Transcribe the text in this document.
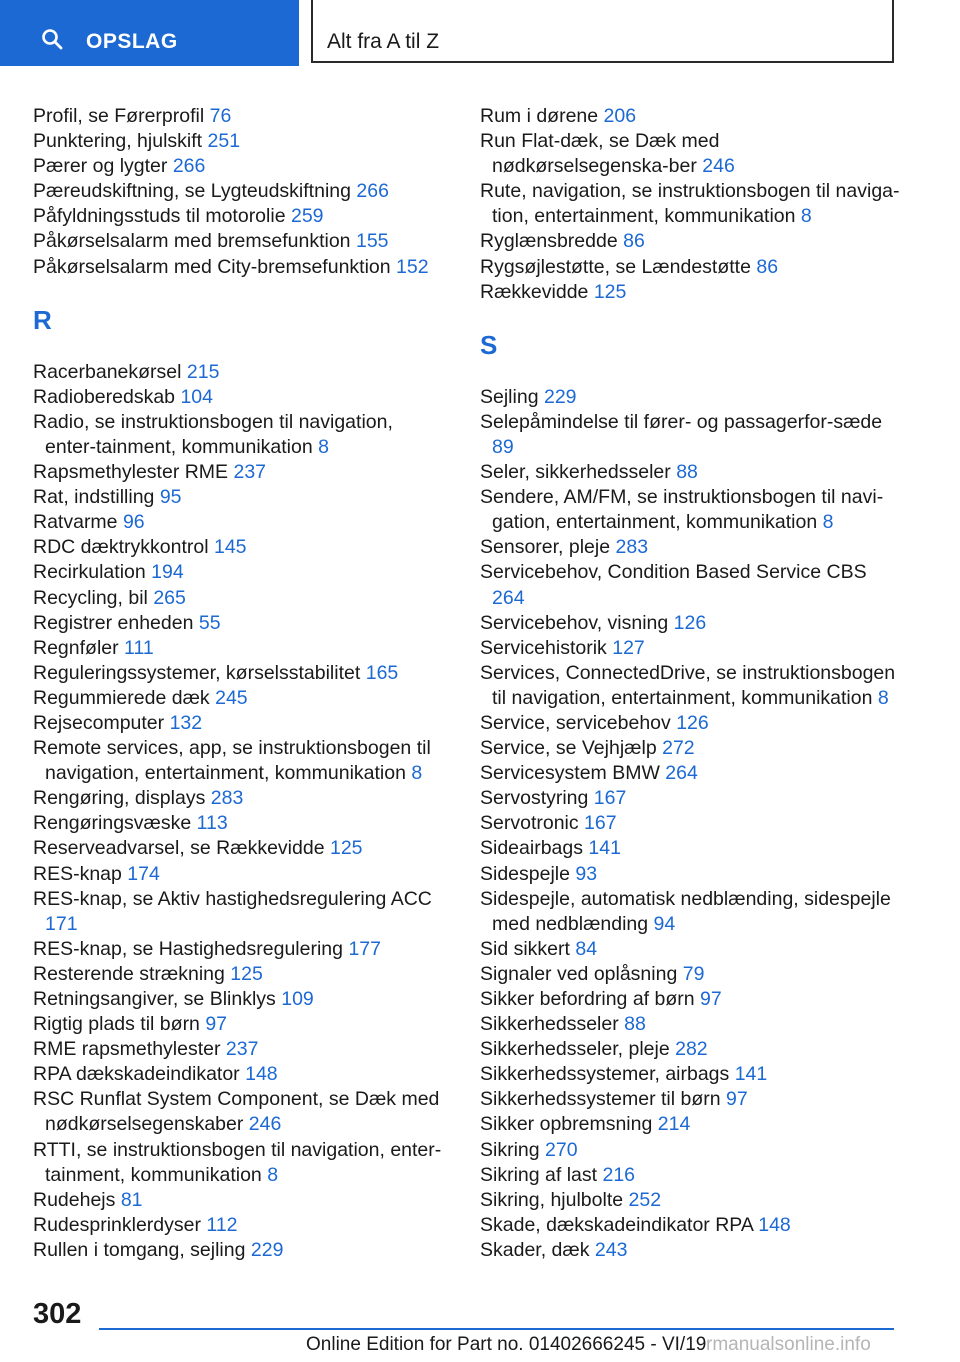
OPSLAG	Alt fra A til Z
Profil, se Førerprofil 76
Punktering, hjulskift 251
Pærer og lygter 266
Pæreudskiftning, se Lygteudskiftning 266
Påfyldningsstuds til motorolie 259
Påkørselsalarm med bremsefunktion 155
Påkørselsalarm med City-bremsefunktion 152
R
Racerbanekørsel 215
Radioberedskab 104
Radio, se instruktionsbogen til navigation, enter-tainment, kommunikation 8
Rapsmethylester RME 237
Rat, indstilling 95
Ratvarme 96
RDC dæktrykkontrol 145
Recirkulation 194
Recycling, bil 265
Registrer enheden 55
Regnføler 111
Reguleringssystemer, kørselsstabilitet 165
Regummierede dæk 245
Rejsecomputer 132
Remote services, app, se instruktionsbogen til navigation, entertainment, kommunikation 8
Rengøring, displays 283
Rengøringsvæske 113
Reserveadvarsel, se Rækkevidde 125
RES-knap 174
RES-knap, se Aktiv hastighedsregulering ACC 171
RES-knap, se Hastighedsregulering 177
Resterende strækning 125
Retningsangiver, se Blinklys 109
Rigtig plads til børn 97
RME rapsmethylester 237
RPA dækskadeindikator 148
RSC Runflat System Component, se Dæk med nødkørselsegenskaber 246
RTTI, se instruktionsbogen til navigation, enter-tainment, kommunikation 8
Rudehejs 81
Rudesprinklerdyser 112
Rullen i tomgang, sejling 229
Rum i dørene 206
Run Flat-dæk, se Dæk med nødkørselsegenska-ber 246
Rute, navigation, se instruktionsbogen til naviga-tion, entertainment, kommunikation 8
Ryglænsbredde 86
Rygsøjlestøtte, se Lændestøtte 86
Rækkevidde 125
S
Sejling 229
Selepåmindelse til fører- og passagerfor-sæde 89
Seler, sikkerhedsseler 88
Sendere, AM/FM, se instruktionsbogen til navi-gation, entertainment, kommunikation 8
Sensorer, pleje 283
Servicebehov, Condition Based Service CBS 264
Servicebehov, visning 126
Servicehistorik 127
Services, ConnectedDrive, se instruktionsbogen til navigation, entertainment, kommunikation 8
Service, servicebehov 126
Service, se Vejhjælp 272
Servicesystem BMW 264
Servostyring 167
Servotronic 167
Sideairbags 141
Sidespejle 93
Sidespejle, automatisk nedblænding, sidespejle med nedblænding 94
Sid sikkert 84
Signaler ved oplåsning 79
Sikker befordring af børn 97
Sikkerhedsseler 88
Sikkerhedsseler, pleje 282
Sikkerhedssystemer, airbags 141
Sikkerhedssystemer til børn 97
Sikker opbremsning 214
Sikring 270
Sikring af last 216
Sikring, hjulbolte 252
Skade, dækskadeindikator RPA 148
Skader, dæk 243
302
Online Edition for Part no. 01402666245 - VI/19 rmanualsonline.info
